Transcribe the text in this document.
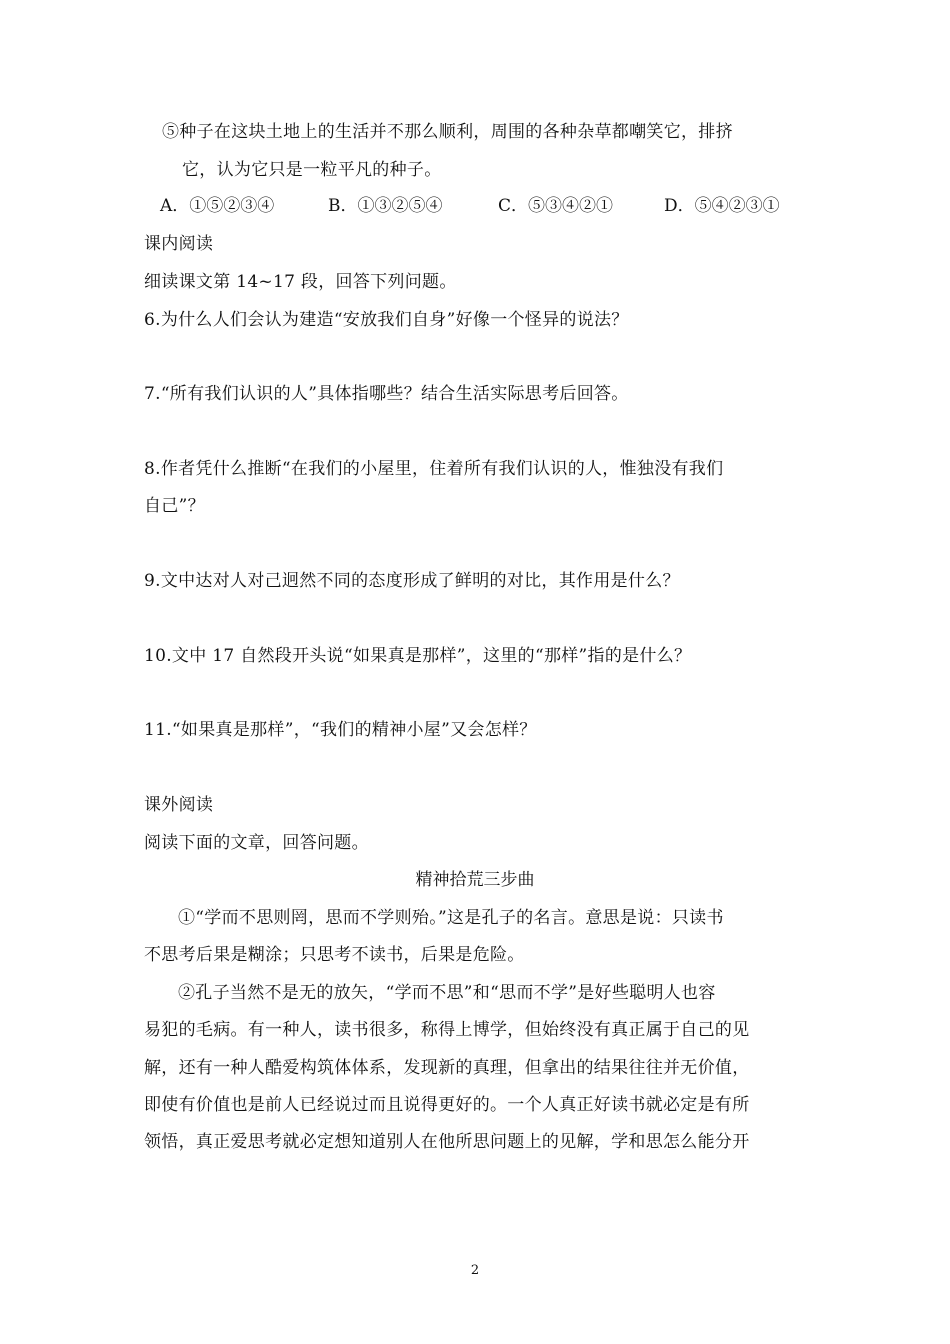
⑤种子在这块土地上的生活并不那么顺利，周围的各种杂草都嘲笑它，排挤
它，认为它只是一粒平凡的种子。
A．①⑤②③④	B．①③②⑤④	C．⑤③④②①	D．⑤④②③①
课内阅读
细读课文第 14~17 段，回答下列问题。
6.为什么人们会认为建造“安放我们自身”好像一个怪异的说法？
7.“所有我们认识的人”具体指哪些？结合生活实际思考后回答。
8.作者凭什么推断“在我们的小屋里，住着所有我们认识的人，惟独没有我们
自己”？
9.文中达对人对己迥然不同的态度形成了鲜明的对比，其作用是什么？
10.文中 17 自然段开头说“如果真是那样”，这里的“那样”指的是什么？
11.“如果真是那样”，“我们的精神小屋”又会怎样？
课外阅读
阅读下面的文章，回答问题。
精神拾荒三步曲
①“学而不思则罔，思而不学则殆。”这是孔子的名言。意思是说：只读书
不思考后果是糊涂；只思考不读书，后果是危险。
②孔子当然不是无的放矢，“学而不思”和“思而不学”是好些聪明人也容
易犯的毛病。有一种人，读书很多，称得上博学，但始终没有真正属于自己的见
解，还有一种人酷爱构筑体体系，发现新的真理，但拿出的结果往往并无价值，
即使有价值也是前人已经说过而且说得更好的。一个人真正好读书就必定是有所
领悟，真正爱思考就必定想知道别人在他所思问题上的见解，学和思怎么能分开
2
